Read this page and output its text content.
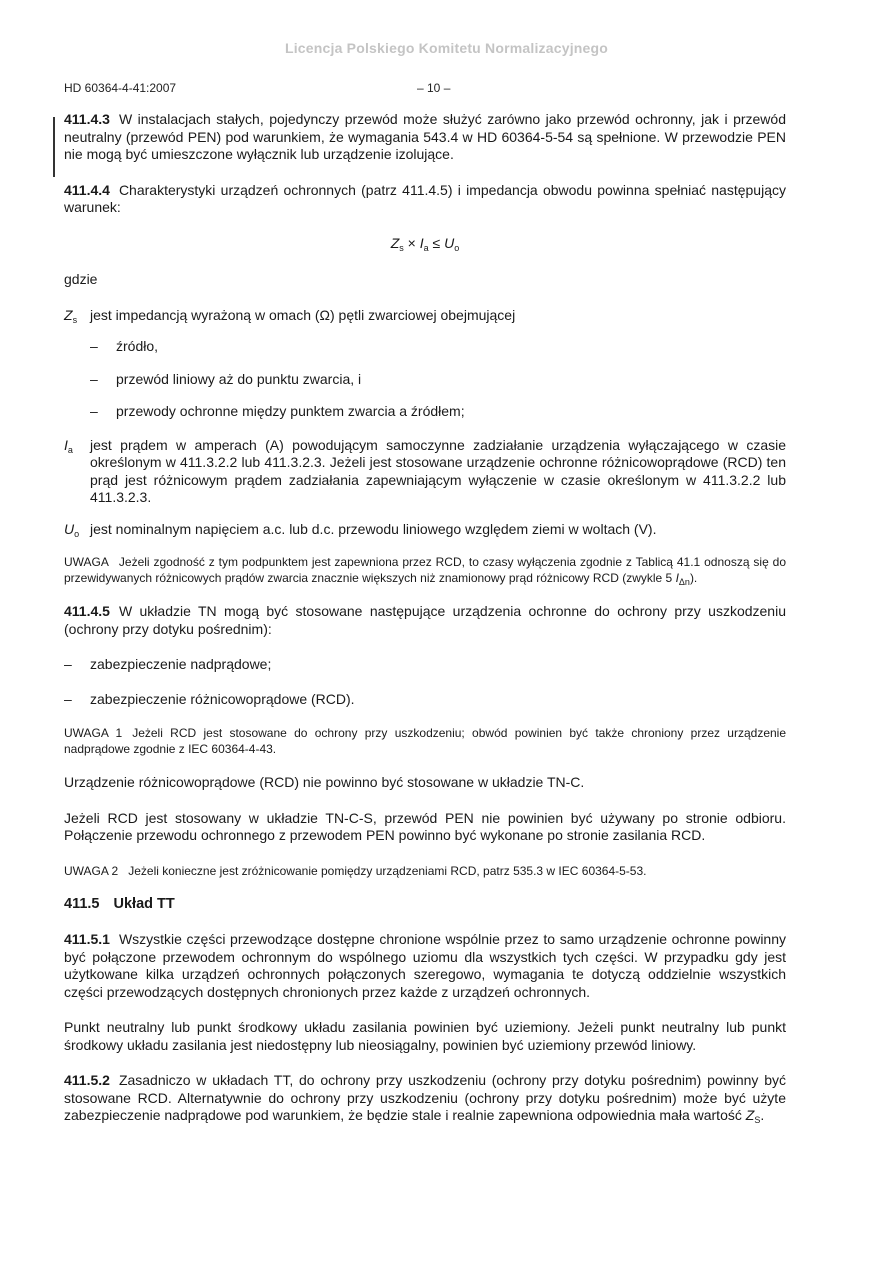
Licencja Polskiego Komitetu Normalizacyjnego
HD 60364-4-41:2007	– 10 –

411.4.3 W instalacjach stałych, pojedynczy przewód może służyć zarówno jako przewód ochronny, jak i przewód neutralny (przewód PEN) pod warunkiem, że wymagania 543.4 w HD 60364-5-54 są spełnione. W przewodzie PEN nie mogą być umieszczone wyłącznik lub urządzenie izolujące.

411.4.4 Charakterystyki urządzeń ochronnych (patrz 411.4.5) i impedancja obwodu powinna spełniać następujący warunek:

$Z_s \times I_a \le U_o$

gdzie

$Z_s$ jest impedancją wyrażoną w omach (Ω) pętli zwarciowej obejmującej
–	źródło,
–	przewód liniowy aż do punktu zwarcia, i
–	przewody ochronne między punktem zwarcia a źródłem;
$I_a$	jest prądem w amperach (A) powodującym samoczynne zadziałanie urządzenia wyłączającego w czasie określonym w 411.3.2.2 lub 411.3.2.3. Jeżeli jest stosowane urządzenie ochronne różnicowoprądowe (RCD) ten prąd jest różnicowym prądem zadziałania zapewniającym wyłączenie w czasie określonym w 411.3.2.2 lub 411.3.2.3.
$U_o$ jest nominalnym napięciem a.c. lub d.c. przewodu liniowego względem ziemi w woltach (V).

UWAGA Jeżeli zgodność z tym podpunktem jest zapewniona przez RCD, to czasy wyłączenia zgodnie z Tablicą 41.1 odnoszą się do przewidywanych różnicowych prądów zwarcia znacznie większych niż znamionowy prąd różnicowy RCD (zwykle 5 $I_{\Delta n}$).

411.4.5 W układzie TN mogą być stosowane następujące urządzenia ochronne do ochrony przy uszkodzeniu (ochrony przy dotyku pośrednim):

–	zabezpieczenie nadprądowe;
–	zabezpieczenie różnicowoprądowe (RCD).

UWAGA 1 Jeżeli RCD jest stosowane do ochrony przy uszkodzeniu; obwód powinien być także chroniony przez urządzenie nadprądowe zgodnie z IEC 60364-4-43.

Urządzenie różnicowoprądowe (RCD) nie powinno być stosowane w układzie TN-C.

Jeżeli RCD jest stosowany w układzie TN-C-S, przewód PEN nie powinien być używany po stronie odbioru. Połączenie przewodu ochronnego z przewodem PEN powinno być wykonane po stronie zasilania RCD.

UWAGA 2 Jeżeli konieczne jest zróżnicowanie pomiędzy urządzeniami RCD, patrz 535.3 w IEC 60364-5-53.

411.5 Układ TT

411.5.1 Wszystkie części przewodzące dostępne chronione wspólnie przez to samo urządzenie ochronne powinny być połączone przewodem ochronnym do wspólnego uziomu dla wszystkich tych części. W przypadku gdy jest użytkowane kilka urządzeń ochronnych połączonych szeregowo, wymagania te dotyczą oddzielnie wszystkich części przewodzących dostępnych chronionych przez każde z urządzeń ochronnych.

Punkt neutralny lub punkt środkowy układu zasilania powinien być uziemiony. Jeżeli punkt neutralny lub punkt środkowy układu zasilania jest niedostępny lub nieosiągalny, powinien być uziemiony przewód liniowy.

411.5.2 Zasadniczo w układach TT, do ochrony przy uszkodzeniu (ochrony przy dotyku pośrednim) powinny być stosowane RCD. Alternatywnie do ochrony przy uszkodzeniu (ochrony przy dotyku pośrednim) może być użyte zabezpieczenie nadprądowe pod warunkiem, że będzie stale i realnie zapewniona odpowiednia mała wartość $Z_S$.
